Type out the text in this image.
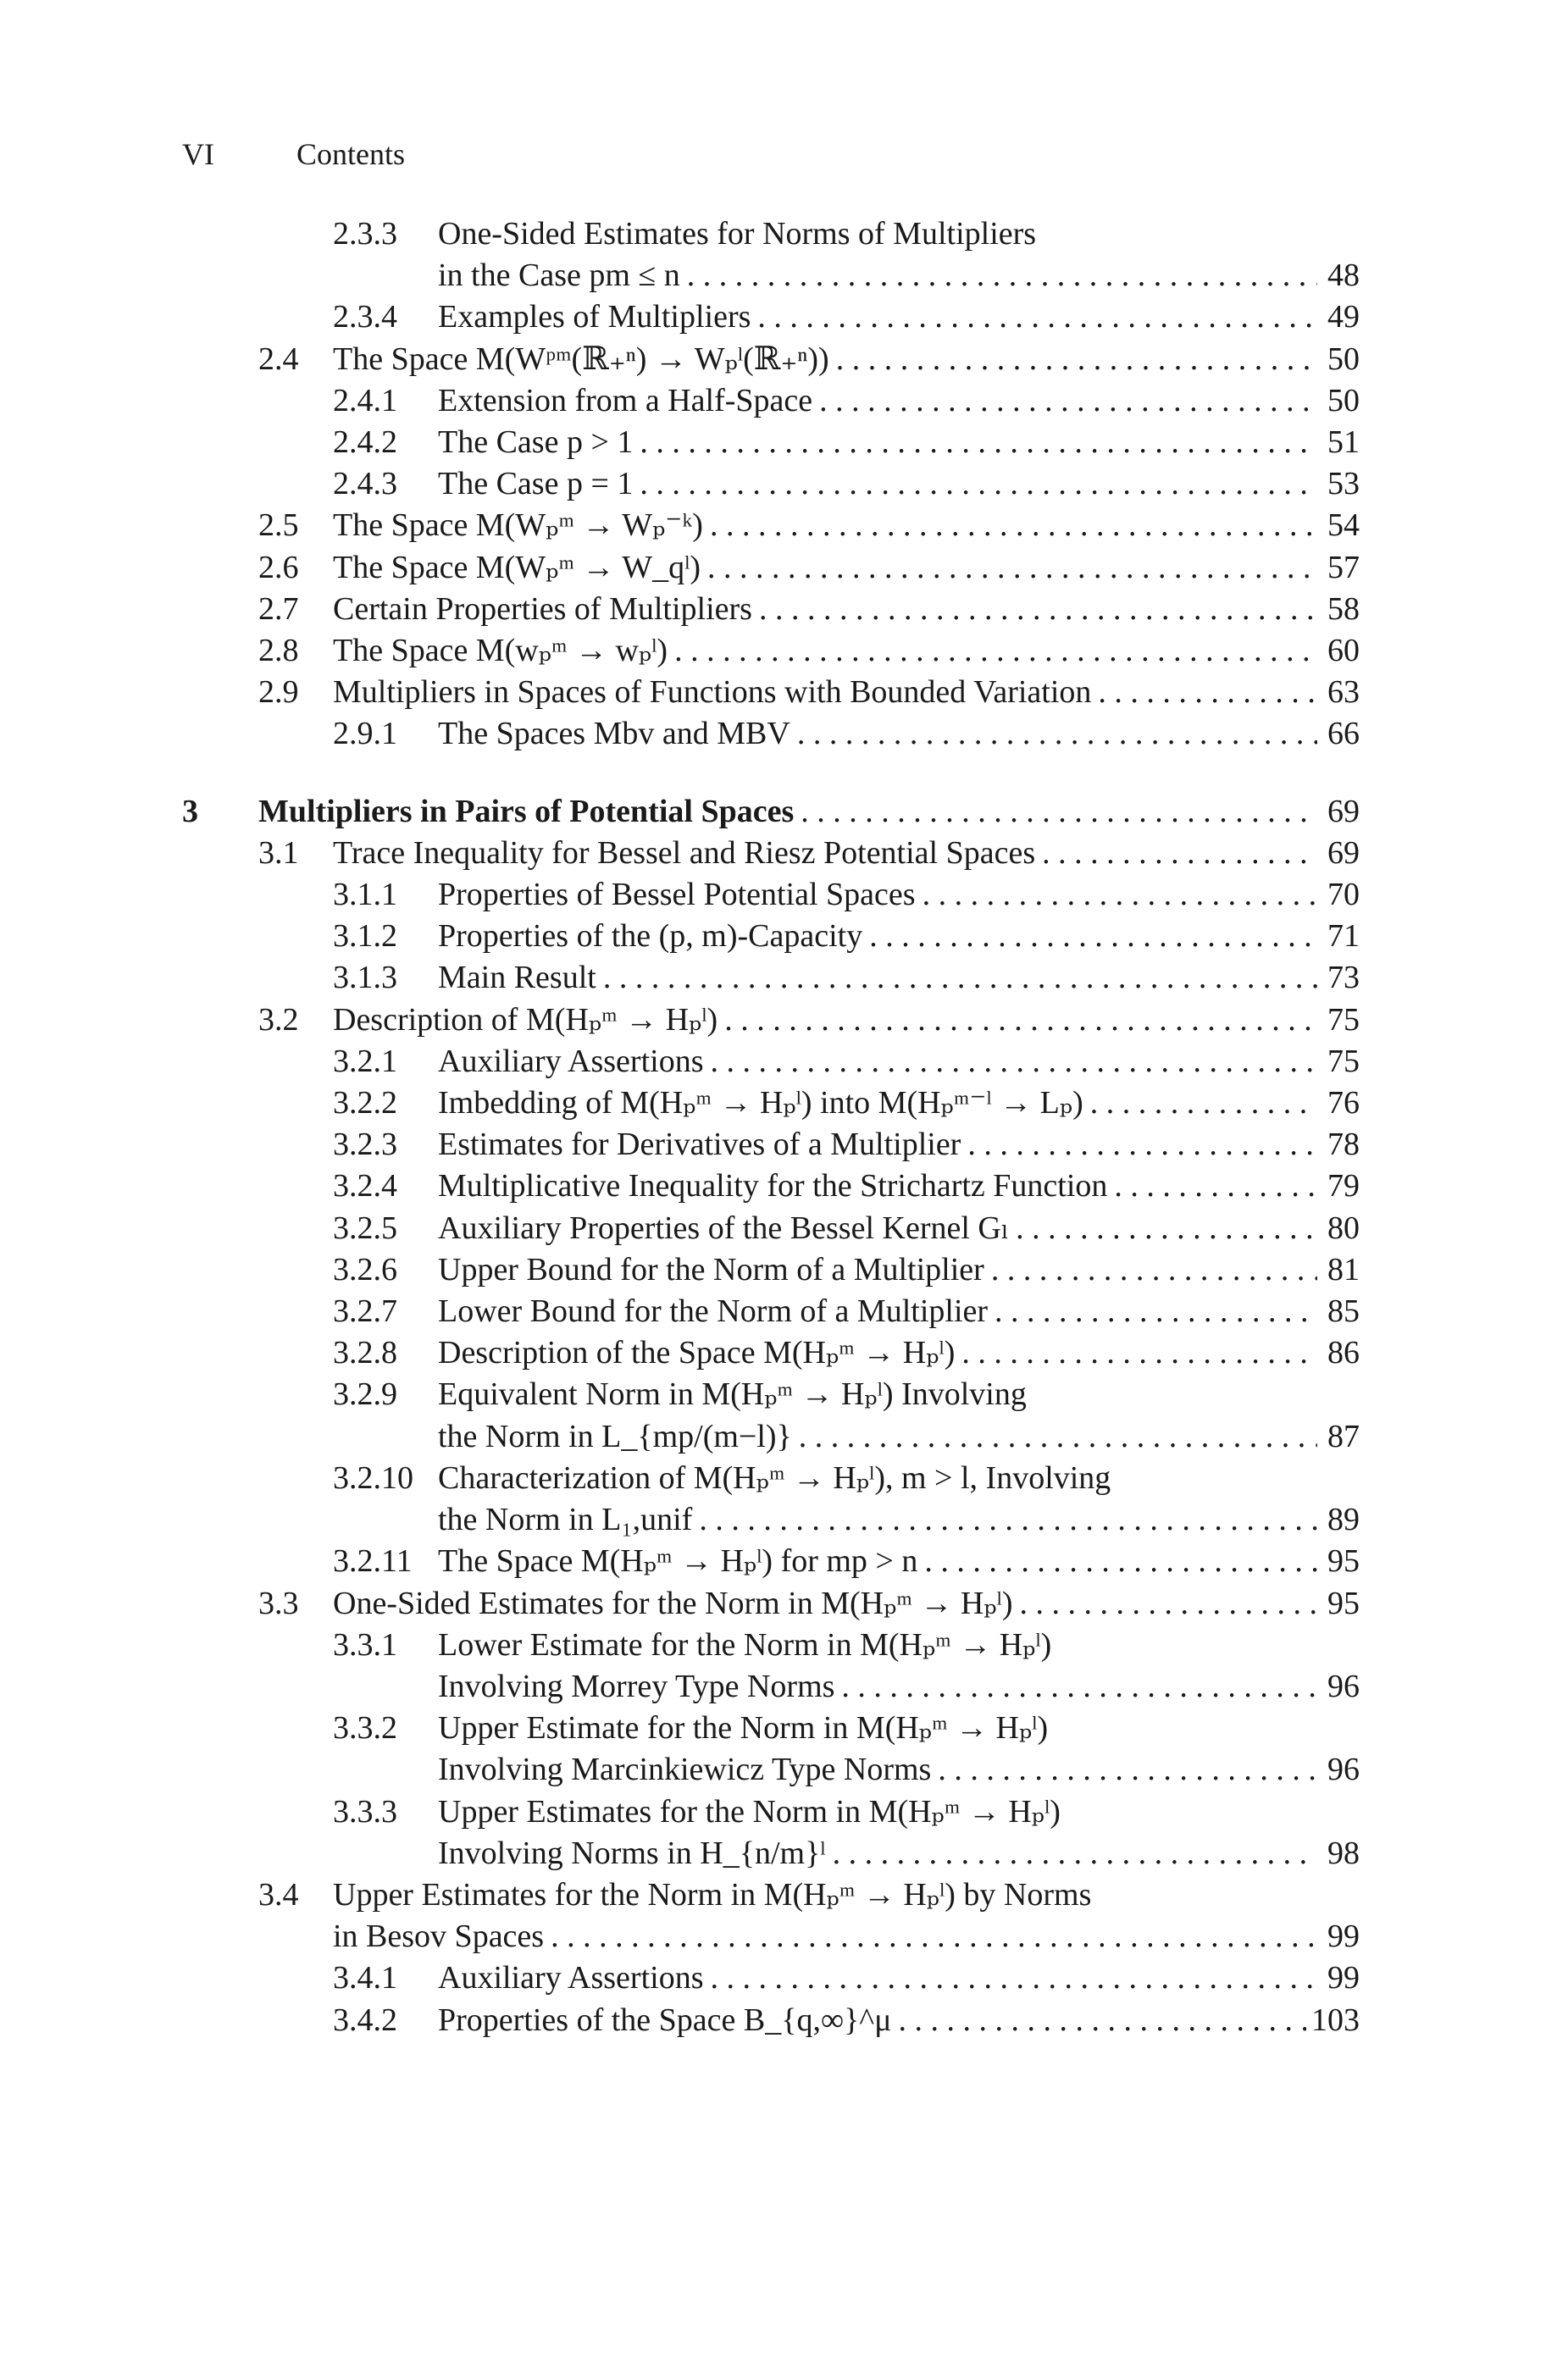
VI	Contents
2.3.3 One-Sided Estimates for Norms of Multipliers
in the Case pm ≤ n . . .	48
2.3.4 Examples of Multipliers . . .	49
2.4 The Space M(Wᵖᵐ(ℝ₊ⁿ) → Wₚˡ(ℝ₊ⁿ)) . . .	50
2.4.1 Extension from a Half-Space . . .	50
2.4.2 The Case p > 1 . . .	51
2.4.3 The Case p = 1 . . .	53
2.5 The Space M(Wₚᵐ → Wₚ⁻ᵏ) . . .	54
2.6 The Space M(Wₚᵐ → W_qˡ) . . .	57
2.7 Certain Properties of Multipliers . . .	58
2.8 The Space M(wₚᵐ → wₚˡ) . . .	60
2.9 Multipliers in Spaces of Functions with Bounded Variation . . .	63
2.9.1 The Spaces Mbv and MBV . . .	66
3 Multipliers in Pairs of Potential Spaces . . .	69
3.1 Trace Inequality for Bessel and Riesz Potential Spaces . . .	69
3.1.1 Properties of Bessel Potential Spaces . . .	70
3.1.2 Properties of the (p, m)-Capacity . . .	71
3.1.3 Main Result . . .	73
3.2 Description of M(Hₚᵐ → Hₚˡ) . . .	75
3.2.1 Auxiliary Assertions . . .	75
3.2.2 Imbedding of M(Hₚᵐ → Hₚˡ) into M(Hₚᵐ⁻ˡ → Lₚ) . . .	76
3.2.3 Estimates for Derivatives of a Multiplier . . .	78
3.2.4 Multiplicative Inequality for the Strichartz Function . . .	79
3.2.5 Auxiliary Properties of the Bessel Kernel Gₗ . . .	80
3.2.6 Upper Bound for the Norm of a Multiplier . . .	81
3.2.7 Lower Bound for the Norm of a Multiplier . . .	85
3.2.8 Description of the Space M(Hₚᵐ → Hₚˡ) . . .	86
3.2.9 Equivalent Norm in M(Hₚᵐ → Hₚˡ) Involving
the Norm in L_{mp/(m−l)} . . .	87
3.2.10 Characterization of M(Hₚᵐ → Hₚˡ), m > l, Involving
the Norm in L₁,unif . . .	89
3.2.11 The Space M(Hₚᵐ → Hₚˡ) for mp > n . . .	95
3.3 One-Sided Estimates for the Norm in M(Hₚᵐ → Hₚˡ) . . .	95
3.3.1 Lower Estimate for the Norm in M(Hₚᵐ → Hₚˡ)
Involving Morrey Type Norms . . .	96
3.3.2 Upper Estimate for the Norm in M(Hₚᵐ → Hₚˡ)
Involving Marcinkiewicz Type Norms . . .	96
3.3.3 Upper Estimates for the Norm in M(Hₚᵐ → Hₚˡ)
Involving Norms in H_{n/m}ˡ . . .	98
3.4 Upper Estimates for the Norm in M(Hₚᵐ → Hₚˡ) by Norms
in Besov Spaces . . .	99
3.4.1 Auxiliary Assertions . . .	99
3.4.2 Properties of the Space B_{q,∞}^μ . . .	103
